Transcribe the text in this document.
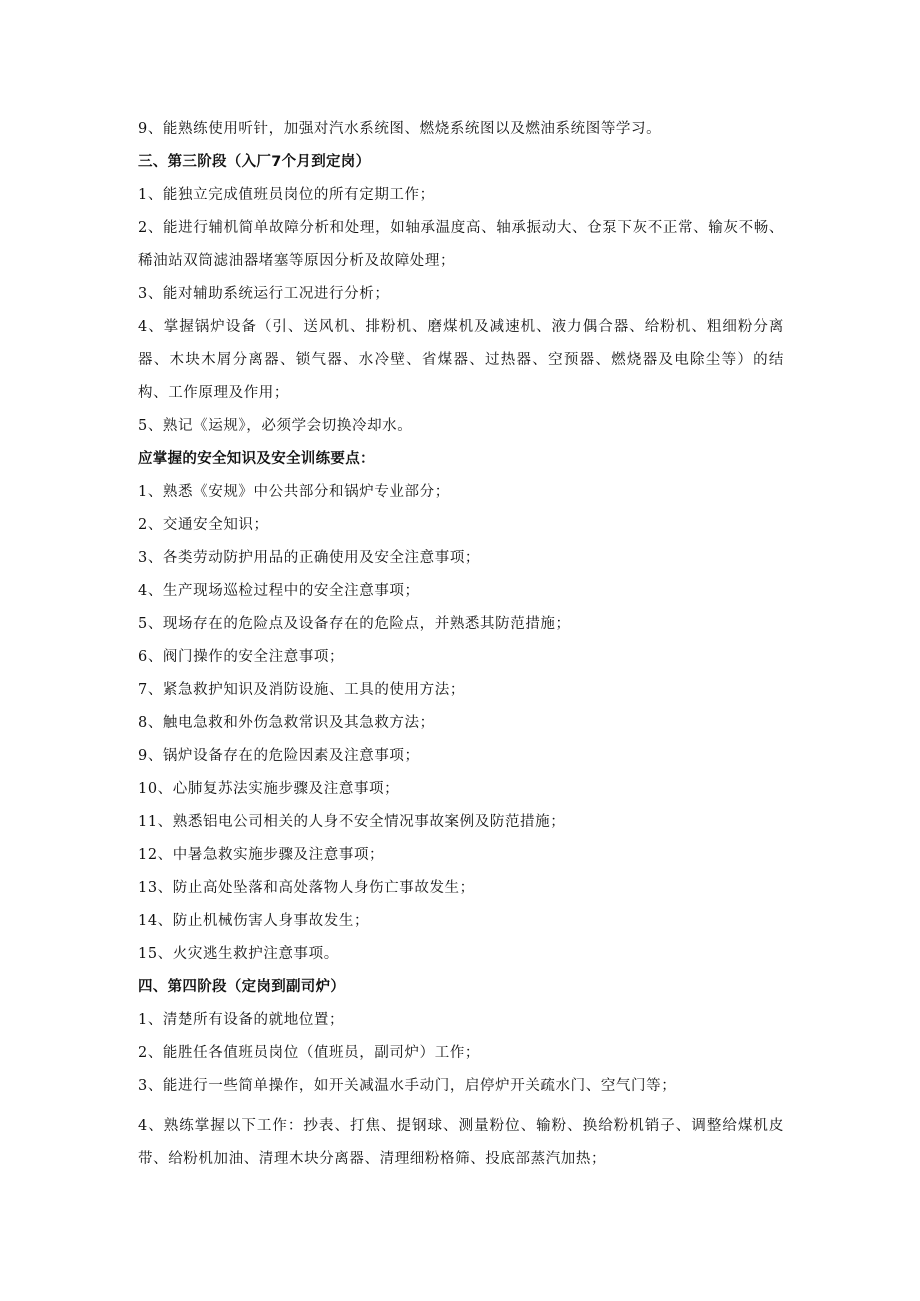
9、能熟练使用听针，加强对汽水系统图、燃烧系统图以及燃油系统图等学习。

三、第三阶段（入厂7个月到定岗）

1、能独立完成值班员岗位的所有定期工作；

2、能进行辅机简单故障分析和处理，如轴承温度高、轴承振动大、仓泵下灰不正常、输灰不畅、稀油站双筒滤油器堵塞等原因分析及故障处理；

3、能对辅助系统运行工况进行分析；

4、掌握锅炉设备（引、送风机、排粉机、磨煤机及减速机、液力偶合器、给粉机、粗细粉分离器、木块木屑分离器、锁气器、水冷壁、省煤器、过热器、空预器、燃烧器及电除尘等）的结构、工作原理及作用；

5、熟记《运规》，必须学会切换冷却水。

应掌握的安全知识及安全训练要点：

1、熟悉《安规》中公共部分和锅炉专业部分；

2、交通安全知识；

3、各类劳动防护用品的正确使用及安全注意事项；

4、生产现场巡检过程中的安全注意事项；

5、现场存在的危险点及设备存在的危险点，并熟悉其防范措施；

6、阀门操作的安全注意事项；

7、紧急救护知识及消防设施、工具的使用方法；

8、触电急救和外伤急救常识及其急救方法；

9、锅炉设备存在的危险因素及注意事项；

10、心肺复苏法实施步骤及注意事项；

11、熟悉铝电公司相关的人身不安全情况事故案例及防范措施；

12、中暑急救实施步骤及注意事项；

13、防止高处坠落和高处落物人身伤亡事故发生；

14、防止机械伤害人身事故发生；

15、火灾逃生救护注意事项。

四、第四阶段（定岗到副司炉）

1、清楚所有设备的就地位置；

2、能胜任各值班员岗位（值班员，副司炉）工作；

3、能进行一些简单操作，如开关减温水手动门，启停炉开关疏水门、空气门等；

4、熟练掌握以下工作：抄表、打焦、提钢球、测量粉位、输粉、换给粉机销子、调整给煤机皮带、给粉机加油、清理木块分离器、清理细粉格筛、投底部蒸汽加热；
